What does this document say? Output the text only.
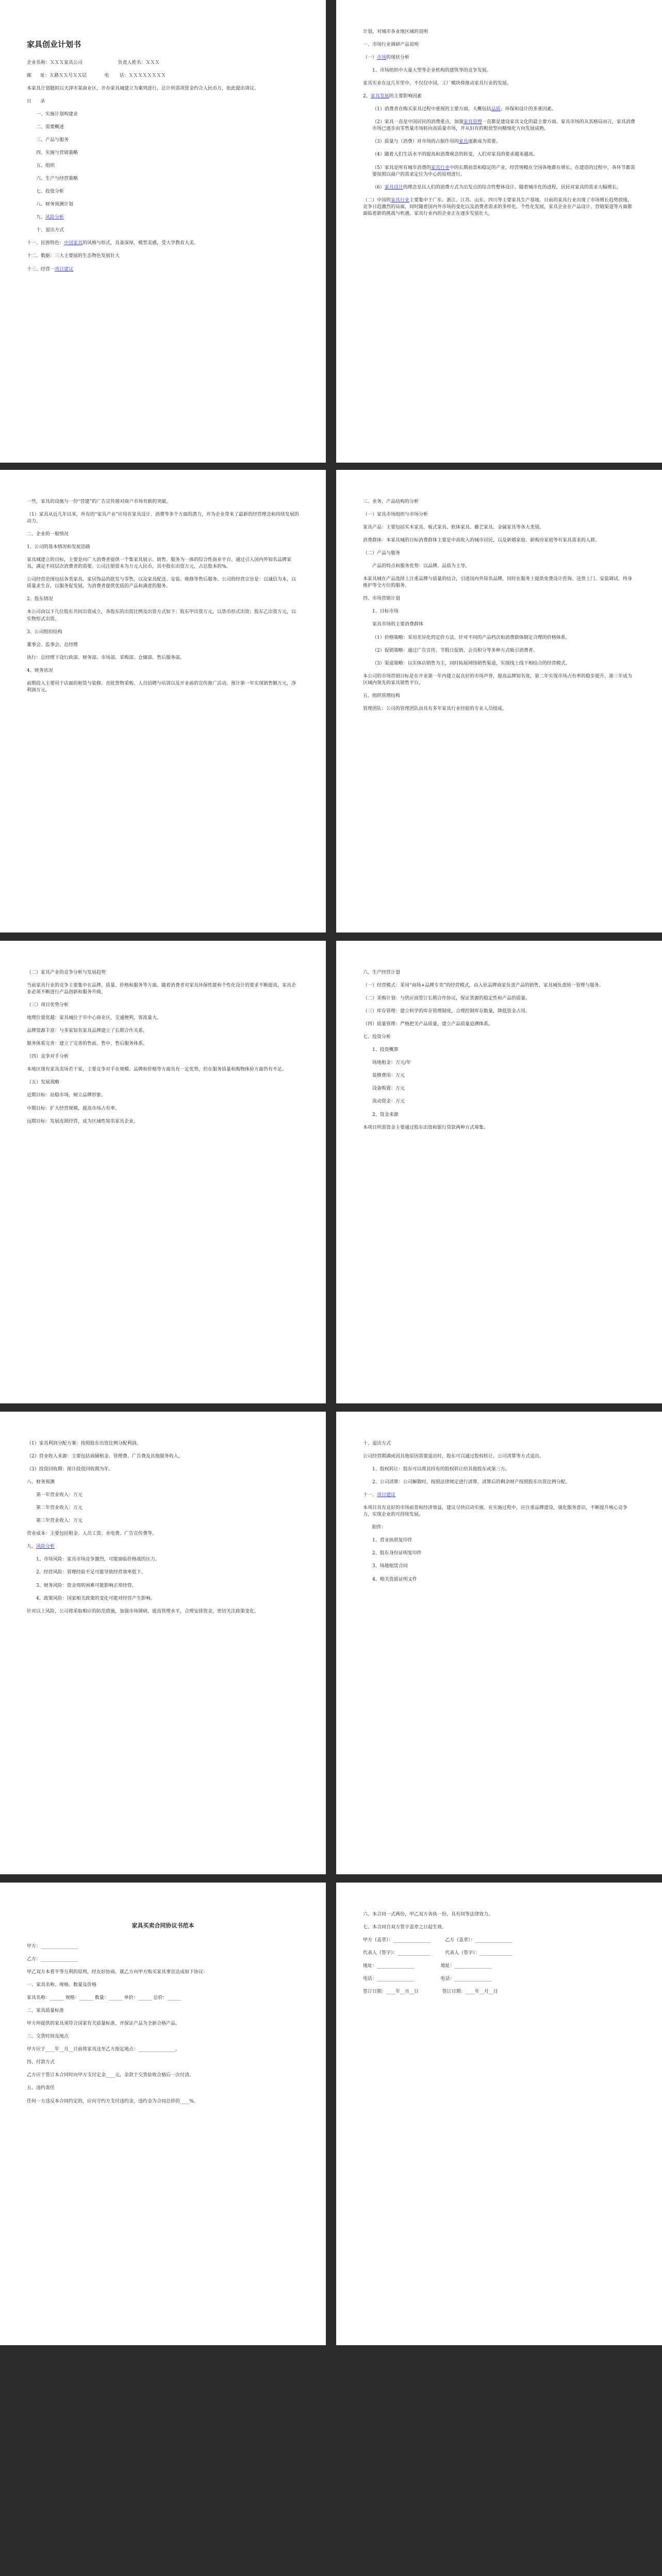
家具创业计划书

企业名称：ＸＸＸ家具公司                        负责人姓名：ＸＸＸ

邮      址：Ｘ路ＸＸ号ＸＸ层            电       话：ＸＸＸＸＸＸＸＸ

本家具计划题拟以天津市某商业区，开办家具城建立为案列进行，总计所需项资金约合人民币万，依此提出请议。

目      录

一、实施计划构建业

二、需要概述

三、产品与服务

四、实施与营销策略

五、组织

六、生产与经营策略

七、投资分析

八、财务预测计划

九、风险分析

十、退出方式

十一、民族特色：中国家具的风格与形式，具备深厚，模型美感，受大学教育大美。

十二、数据：三大主要展的生态物色发展壮大

十三、经营一项目建议

计划，对城市各业地区域的说明

一、市场行业调研产品说明

（一）市场的现状分析

1、市场组织中大量大型等企业机构的建筑等的竞争发展。

家具实业在这几年里中，不仅仅中国，工厂模块将推动家具行业的发展。

2、家具发展的主要影响因素

（1）消费者在购买家具过程中重视的主要方面，大概包括品质、环保和设计的多重因素。

（2）家具一直是中国居民的消费重点，加强家具管理一直都是建设家具文化的最主要方面。家具市场的从其格局而言，家具消费市场已逐步由零售量市场转向高质量市场，并从旧有的粗放型向精细化方向发展成熟。

（3）质量与（消费）对市场的占据作用的家具逐渐成为需要。

（4）随着人们生活水平的提高和消费观念的转变，人们对家具的要求越来越高。

（5）家具是所有城市消费的家具行业中的长期前景和稳定的产业，经营规模在全国各地都在增长。在建造的过程中，各环节都需要按照以商户的需求定位为中心的原则进行。

（6）家具设计的理念是以人们的消费方式为出发点的综合性整体设计。随着城市化的进程，居民对家具的需求大幅增长。

（二）中国的家具行业主要集中于广东、浙江、江苏、山东、四川等主要家具生产基地。目前的家具行业出现了市场增长趋势放缓，竞争日趋激烈的局面，同时随着国内外市场的变化以及消费者需求的多样化、个性化发展，家具企业在产品设计、营销渠道等方面都面临着新的挑战与机遇。家具行业内的企业正在逐步发展壮大。

一些，家具的设施与一份“营建”的广告宣传册对商户市场有新的突破。

（1）家具从近几年以来，所有的“家具产业”应用在家具设计、消费等多个方面的潜力，并为企业带来了最新的经营理念和持续发展的动力。

二、企业的一般情况

1、公司的基本情况和发展思路

家具城建立的目标，主要是向广大消费者提供一个集家具展示、销售、服务为一体的综合性商业平台。通过引入国内外知名品牌家具，满足不同层次消费者的需要。公司注册资本为万元人民币，其中股东出资万元，占总股本的%。

公司经营范围包括各类家具、家居饰品的批发与零售，以及家具配送、安装、维修等售后服务。公司的经营宗旨是：以诚信为本，以质量求生存，以服务促发展，为消费者提供优质的产品和满意的服务。

2、股东情况

本公司由以下几位股东共同出资成立，各股东的出资比例及出资方式如下：股东甲出资万元，以货币形式出资；股东乙出资万元，以实物形式出资。

3、公司组织结构

董事会、监事会、总经理

执行：总经理下设行政部、财务部、市场部、采购部、仓储部、售后服务部。

4、财务状况

前期投入主要用于店面的租赁与装修、首批货物采购、人员招聘与培训以及开业前的宣传推广活动。预计第一年实现销售额万元，净利润万元。

三、业务，产品结构的分析

（一）家具市场组织与市场分析

家具产品：主要包括实木家具、板式家具、软体家具、藤艺家具、金属家具等各大类别。

消费群体：本家具城的目标消费群体主要是中高收入的城市居民，以及新婚家庭、新购房家庭等有家具需求的人群。

（二）产品与服务

产品的特点和服务优势：以品牌、品质为主导。

本家具城在产品选择上注重品牌与质量的结合，引进国内外知名品牌，同时在服务上提供免费设计咨询、送货上门、安装调试、终身维护等全方位的服务。

四、市场营销计划

1、目标市场

家具市场的主要消费群体

（1）价格策略：采用差异化的定价方法，针对不同的产品档次和消费群体制定合理的价格体系。

（2）促销策略：通过广告宣传、节假日促销、会员积分等多种方式吸引消费者。

（3）渠道策略：以实体店销售为主，同时拓展网络销售渠道，实现线上线下相结合的经营模式。

本公司的市场营销目标是在开业第一年内建立起良好的市场声誉，提高品牌知名度，第二年实现市场占有率的稳步提升，第三年成为区域内领先的家具销售平台。

五、组织管理结构

管理团队：公司的管理团队由具有多年家具行业经验的专业人员组成。

（二）家具产业的竞争分析与发展趋势

当前家具行业的竞争主要集中在品牌、质量、价格和服务等方面。随着消费者对家具环保性能和个性化设计的要求不断提高，家具企业必须不断进行产品创新和服务升级。

（三）项目优势分析

地理位置优越：家具城位于市中心商业区，交通便利，客流量大。

品牌资源丰富：与多家知名家具品牌建立了长期合作关系。

服务体系完善：建立了完善的售前、售中、售后服务体系。

（四）竞争对手分析

本地区现有家具卖场若干家，主要竞争对手在规模、品牌和价格等方面具有一定优势，但在服务质量和购物体验方面仍有不足。

（五）发展战略

近期目标：站稳市场，树立品牌形象。

中期目标：扩大经营规模，提高市场占有率。

远期目标：发展连锁经营，成为区域性知名家具企业。

六、生产经营计划

（一）经营模式：采用“商场+品牌专卖”的经营模式，由入驻品牌商家负责产品的销售，家具城负责统一管理与服务。

（二）采购计划：与供应商签订长期合作协议，保证货源的稳定性和产品的质量。

（三）库存管理：建立科学的库存管理制度，合理控制库存数量，降低资金占用。

（四）质量管理：严格把关产品质量，建立产品质量追溯体系。

七、投资分析

1、投资概算

场地租金：万元/年

装修费用：万元

设备购置：万元

流动资金：万元

2、资金来源

本项目所需资金主要通过股东出资和银行贷款两种方式筹集。

（1）家具利润分配方案：按照股东出资比例分配利润。

（2）营业收入来源：主要包括商铺租金、管理费、广告费及其他服务收入。

（3）投资回收期：预计投资回收期为年。

八、财务预测

第一年营业收入：万元

第二年营业收入：万元

第三年营业收入：万元

营业成本：主要包括租金、人员工资、水电费、广告宣传费等。

九、风险分析

1、市场风险：家具市场竞争激烈，可能面临价格战的压力。

2、经营风险：管理经验不足可能导致经营效率低下。

3、财务风险：资金周转困难可能影响正常经营。

4、政策风险：国家相关政策的变化可能对经营产生影响。

针对以上风险，公司将采取相应的防范措施，加强市场调研，提高管理水平，合理安排资金，密切关注政策变化。

十、退出方式

公司经营期满或因其他原因需要退出时，股东可以通过股权转让、公司清算等方式退出。

1、股权转让：股东可以将其持有的股权转让给其他股东或第三方。

2、公司清算：公司解散时，按照法律规定进行清算，清算后的剩余财产按照股东出资比例分配。

十一、项目建议

本项目具有良好的市场前景和经济效益，建议尽快启动实施。在实施过程中，应注重品牌建设，强化服务意识，不断提升核心竞争力，实现企业的可持续发展。

附件：

1、营业执照复印件

2、股东身份证明复印件

3、场地租赁合同

4、相关资质证明文件

家具买卖合同协议书范本

甲方：________________

乙方：________________

甲乙双方本着平等互利的原则，经友好协商，就乙方向甲方购买家具事宜达成如下协议：

一、家具名称、规格、数量及价格

家具名称：______ 规格：______ 数量：______ 单价：______ 总价：______

二、家具质量标准

甲方所提供的家具须符合国家有关质量标准，并保证产品为全新合格产品。

三、交货时间及地点

甲方应于____年__月__日前将家具送至乙方指定地点：________________。

四、付款方式

乙方应于签订本合同时向甲方支付定金____元，余款于交货验收合格后一次付清。

五、违约责任

任何一方违反本合同约定的，应向守约方支付违约金，违约金为合同总价的____%。

六、本合同一式两份，甲乙双方各执一份，具有同等法律效力。

七、本合同自双方签字盖章之日起生效。

甲方（盖章）：________________          乙方（盖章）：________________

代表人（签字）：______________          代表人（签字）：______________

地址：________________                  地址：________________

电话：________________                  电话：________________

签订日期：____年__月__日                签订日期：____年__月__日
